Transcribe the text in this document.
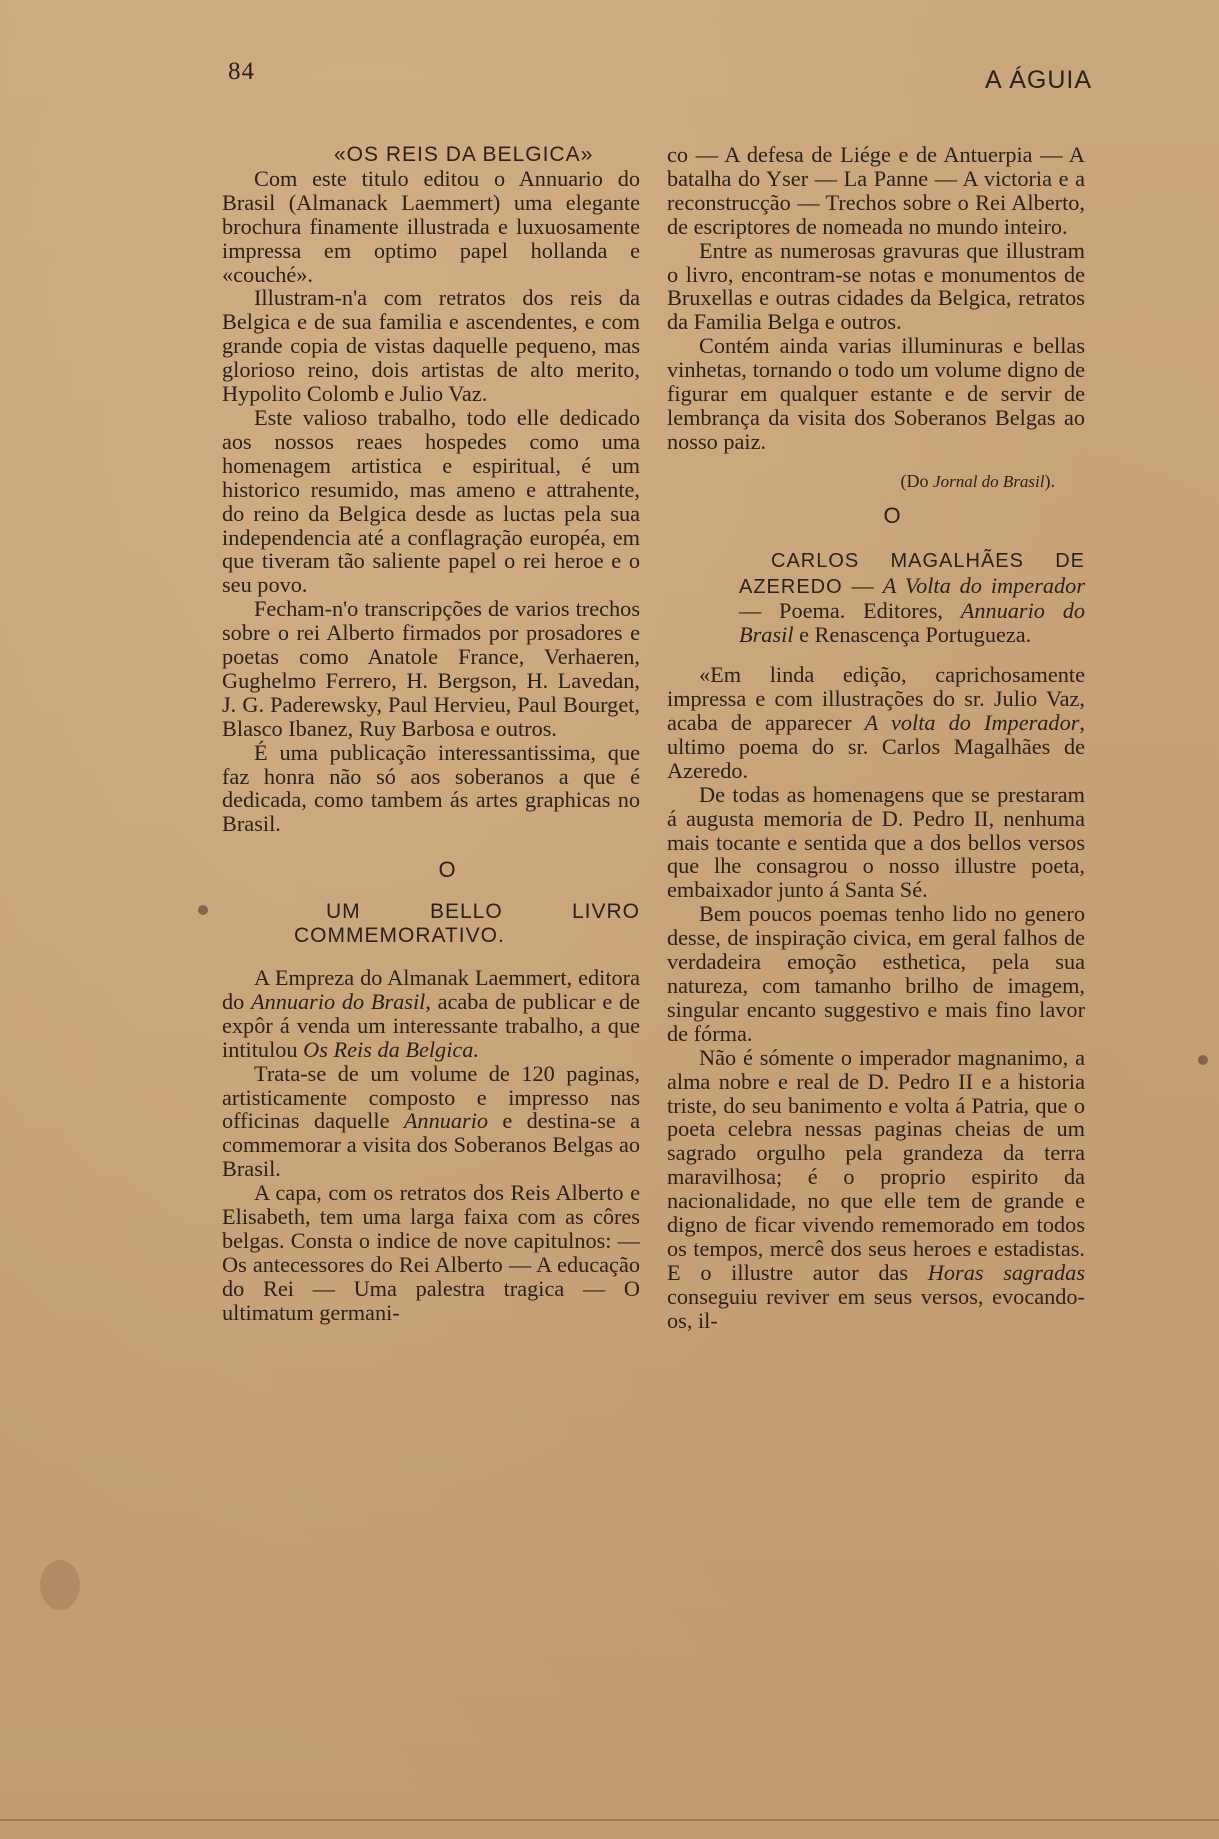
84	A ÁGUIA

«OS REIS DA BELGICA»

Com este titulo editou o Annuario do Brasil (Almanack Laemmert) uma elegante brochura finamente illustrada e luxuosamente impressa em optimo papel hollanda e «couché».

Illustram-n'a com retratos dos reis da Belgica e de sua familia e ascendentes, e com grande copia de vistas daquelle pequeno, mas glorioso reino, dois artistas de alto merito, Hypolito Colomb e Julio Vaz.

Este valioso trabalho, todo elle dedicado aos nossos reaes hospedes como uma homenagem artistica e espiritual, é um historico resumido, mas ameno e attrahente, do reino da Belgica desde as luctas pela sua independencia até a conflagração européa, em que tiveram tão saliente papel o rei heroe e o seu povo.

Fecham-n'o transcripções de varios trechos sobre o rei Alberto firmados por prosadores e poetas como Anatole France, Verhaeren, Gughelmo Ferrero, H. Bergson, H. Lavedan, J. G. Paderewsky, Paul Hervieu, Paul Bourget, Blasco Ibanez, Ruy Barbosa e outros.

É uma publicação interessantissima, que faz honra não só aos soberanos a que é dedicada, como tambem ás artes graphicas no Brasil.

O

UM BELLO LIVRO COMMEMORATIVO.

A Empreza do Almanak Laemmert, editora do Annuario do Brasil, acaba de publicar e de expôr á venda um interessante trabalho, a que intitulou Os Reis da Belgica.

Trata-se de um volume de 120 paginas, artisticamente composto e impresso nas officinas daquelle Annuario e destina-se a commemorar a visita dos Soberanos Belgas ao Brasil.

A capa, com os retratos dos Reis Alberto e Elisabeth, tem uma larga faixa com as côres belgas. Consta o indice de nove capitulnos: — Os antecessores do Rei Alberto — A educação do Rei — Uma palestra tragica — O ultimatum germani-

co — A defesa de Liége e de Antuerpia — A batalha do Yser — La Panne — A victoria e a reconstrucção — Trechos sobre o Rei Alberto, de escriptores de nomeada no mundo inteiro.

Entre as numerosas gravuras que illustram o livro, encontram-se notas e monumentos de Bruxellas e outras cidades da Belgica, retratos da Familia Belga e outros.

Contém ainda varias illuminuras e bellas vinhetas, tornando o todo um volume digno de figurar em qualquer estante e de servir de lembrança da visita dos Soberanos Belgas ao nosso paiz.

(Do Jornal do Brasil).

O

CARLOS MAGALHÃES DE AZEREDO — A Volta do imperador — Poema. Editores, Annuario do Brasil e Renascença Portugueza.

«Em linda edição, caprichosamente impressa e com illustrações do sr. Julio Vaz, acaba de apparecer A volta do Imperador, ultimo poema do sr. Carlos Magalhães de Azeredo.

De todas as homenagens que se prestaram á augusta memoria de D. Pedro II, nenhuma mais tocante e sentida que a dos bellos versos que lhe consagrou o nosso illustre poeta, embaixador junto á Santa Sé.

Bem poucos poemas tenho lido no genero desse, de inspiração civica, em geral falhos de verdadeira emoção esthetica, pela sua natureza, com tamanho brilho de imagem, singular encanto suggestivo e mais fino lavor de fórma.

Não é sómente o imperador magnanimo, a alma nobre e real de D. Pedro II e a historia triste, do seu banimento e volta á Patria, que o poeta celebra nessas paginas cheias de um sagrado orgulho pela grandeza da terra maravilhosa; é o proprio espirito da nacionalidade, no que elle tem de grande e digno de ficar vivendo rememorado em todos os tempos, mercê dos seus heroes e estadistas. E o illustre autor das Horas sagradas conseguiu reviver em seus versos, evocando-os, il-
